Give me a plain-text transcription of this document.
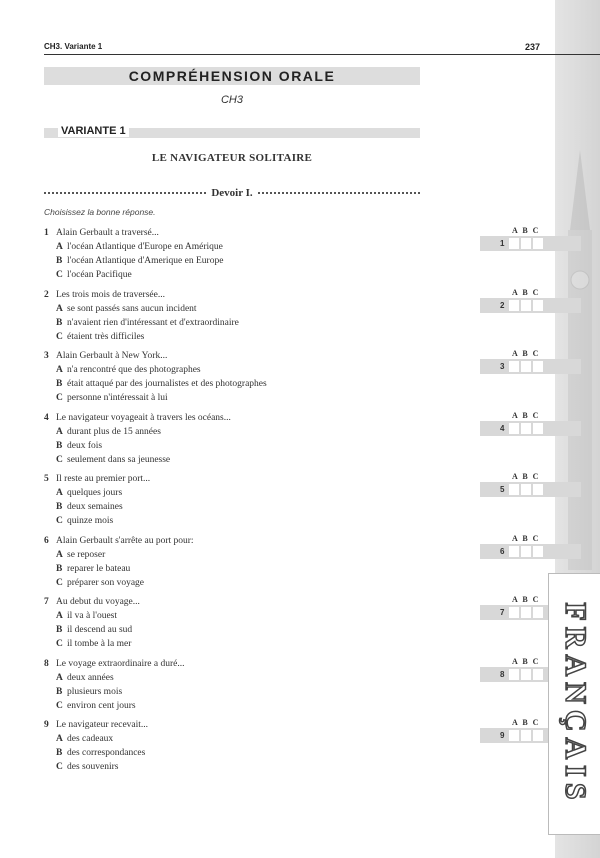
CH3. Variante 1	237
COMPRÉHENSION ORALE
CH3
VARIANTE 1
LE NAVIGATEUR SOLITAIRE
Devoir I.
Choisissez la bonne réponse.
1 Alain Gerbault a traversé...
A l'océan Atlantique d'Europe en Amérique
B l'océan Atlantique d'Amerique en Europe
C l'océan Pacifique
A B C
1
2 Les trois mois de traversée...
A se sont passés sans aucun incident
B n'avaient rien d'intéressant et d'extraordinaire
C étaient très difficiles
A B C
2
3 Alain Gerbault à New York...
A n'a rencontré que des photographes
B était attaqué par des journalistes et des photographes
C personne n'intéressait à lui
A B C
3
4 Le navigateur voyageait à travers les océans...
A durant plus de 15 années
B deux fois
C seulement dans sa jeunesse
A B C
4
5 Il reste au premier port...
A quelques jours
B deux semaines
C quinze mois
A B C
5
6 Alain Gerbault s'arrête au port pour:
A se reposer
B reparer le bateau
C préparer son voyage
A B C
6
7 Au debut du voyage...
A il va à l'ouest
B il descend au sud
C il tombe à la mer
A B C
7
8 Le voyage extraordinaire a duré...
A deux années
B plusieurs mois
C environ cent jours
A B C
8
9 Le navigateur recevait...
A des cadeaux
B des correspondances
C des souvenirs
A B C
9 FRANÇAIS
